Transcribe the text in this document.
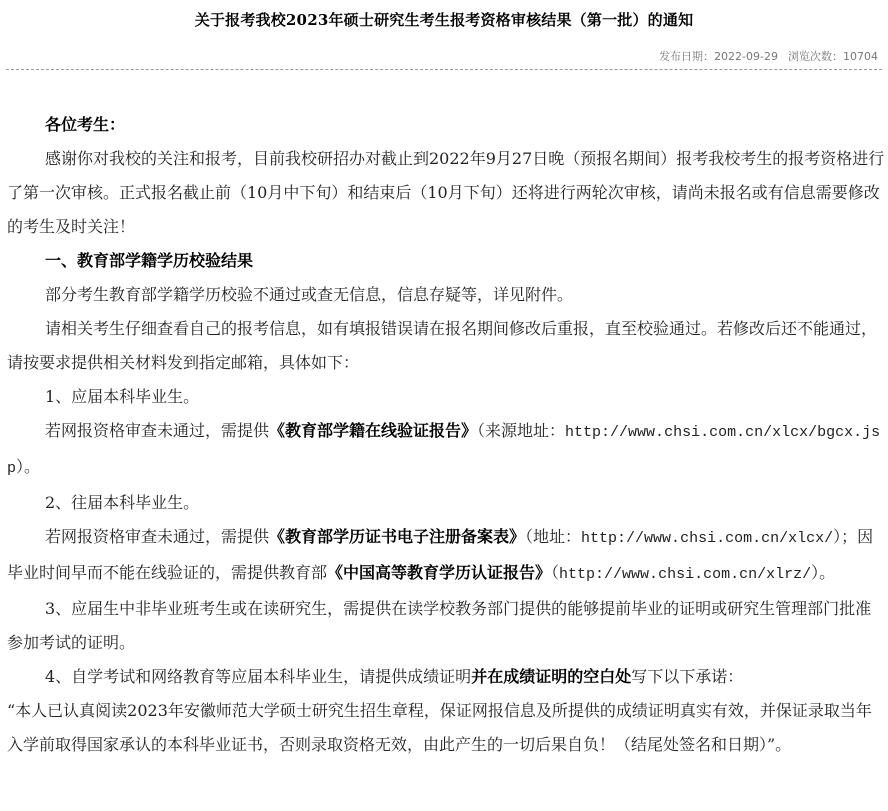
关于报考我校2023年硕士研究生考生报考资格审核结果（第一批）的通知
发布日期：2022-09-29 浏览次数：10704

各位考生：

感谢你对我校的关注和报考，目前我校研招办对截止到2022年9月27日晚（预报名期间）报考我校考生的报考资格进行了第一次审核。正式报名截止前（10月中下旬）和结束后（10月下旬）还将进行两轮次审核，请尚未报名或有信息需要修改的考生及时关注！

一、教育部学籍学历校验结果

部分考生教育部学籍学历校验不通过或查无信息，信息存疑等，详见附件。

请相关考生仔细查看自己的报考信息，如有填报错误请在报名期间修改后重报，直至校验通过。若修改后还不能通过，请按要求提供相关材料发到指定邮箱，具体如下：

1、应届本科毕业生。

若网报资格审查未通过，需提供《教育部学籍在线验证报告》（来源地址：http://www.chsi.com.cn/xlcx/bgcx.jsp）。

2、往届本科毕业生。

若网报资格审查未通过，需提供《教育部学历证书电子注册备案表》（地址：http://www.chsi.com.cn/xlcx/）；因毕业时间早而不能在线验证的，需提供教育部《中国高等教育学历认证报告》（http://www.chsi.com.cn/xlrz/）。

3、应届生中非毕业班考生或在读研究生，需提供在读学校教务部门提供的能够提前毕业的证明或研究生管理部门批准参加考试的证明。

4、自学考试和网络教育等应届本科毕业生，请提供成绩证明并在成绩证明的空白处写下以下承诺：

“本人已认真阅读2023年安徽师范大学硕士研究生招生章程，保证网报信息及所提供的成绩证明真实有效，并保证录取当年入学前取得国家承认的本科毕业证书，否则录取资格无效，由此产生的一切后果自负！（结尾处签名和日期）”。
